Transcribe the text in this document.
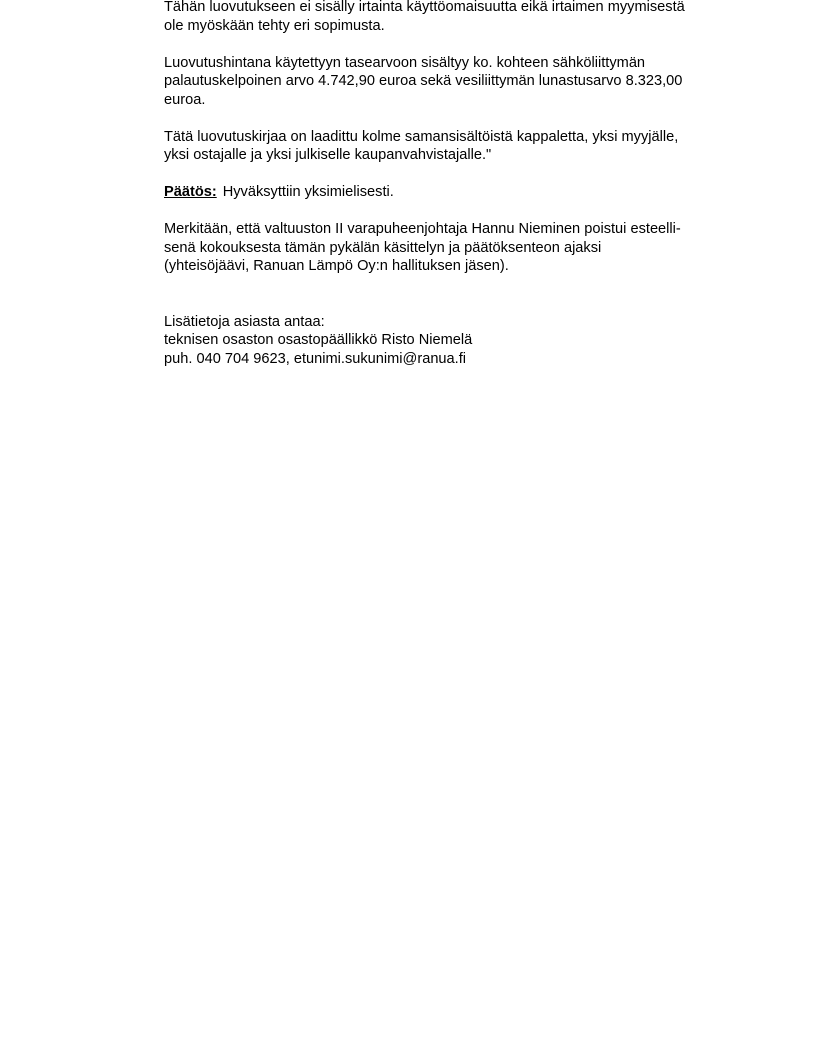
Tähän luovutukseen ei sisälly irtainta käyttöomaisuutta eikä irtaimen myymisestä
ole myöskään tehty eri sopimusta.

Luovutushintana käytettyyn tasearvoon sisältyy ko. kohteen sähköliittymän
palautuskelpoinen arvo 4.742,90 euroa sekä vesiliittymän lunastusarvo 8.323,00
euroa.

Tätä luovutuskirjaa on laadittu kolme samansisältöistä kappaletta, yksi myyjälle,
yksi ostajalle ja yksi julkiselle kaupanvahvistajalle."

Päätös: Hyväksyttiin yksimielisesti.

Merkitään, että valtuuston II varapuheenjohtaja Hannu Nieminen poistui esteelli-
senä kokouksesta tämän pykälän käsittelyn ja päätöksenteon ajaksi
(yhteisöjäävi, Ranuan Lämpö Oy:n hallituksen jäsen).

Lisätietoja asiasta antaa:
teknisen osaston osastopäällikkö Risto Niemelä
puh. 040 704 9623, etunimi.sukunimi@ranua.fi
